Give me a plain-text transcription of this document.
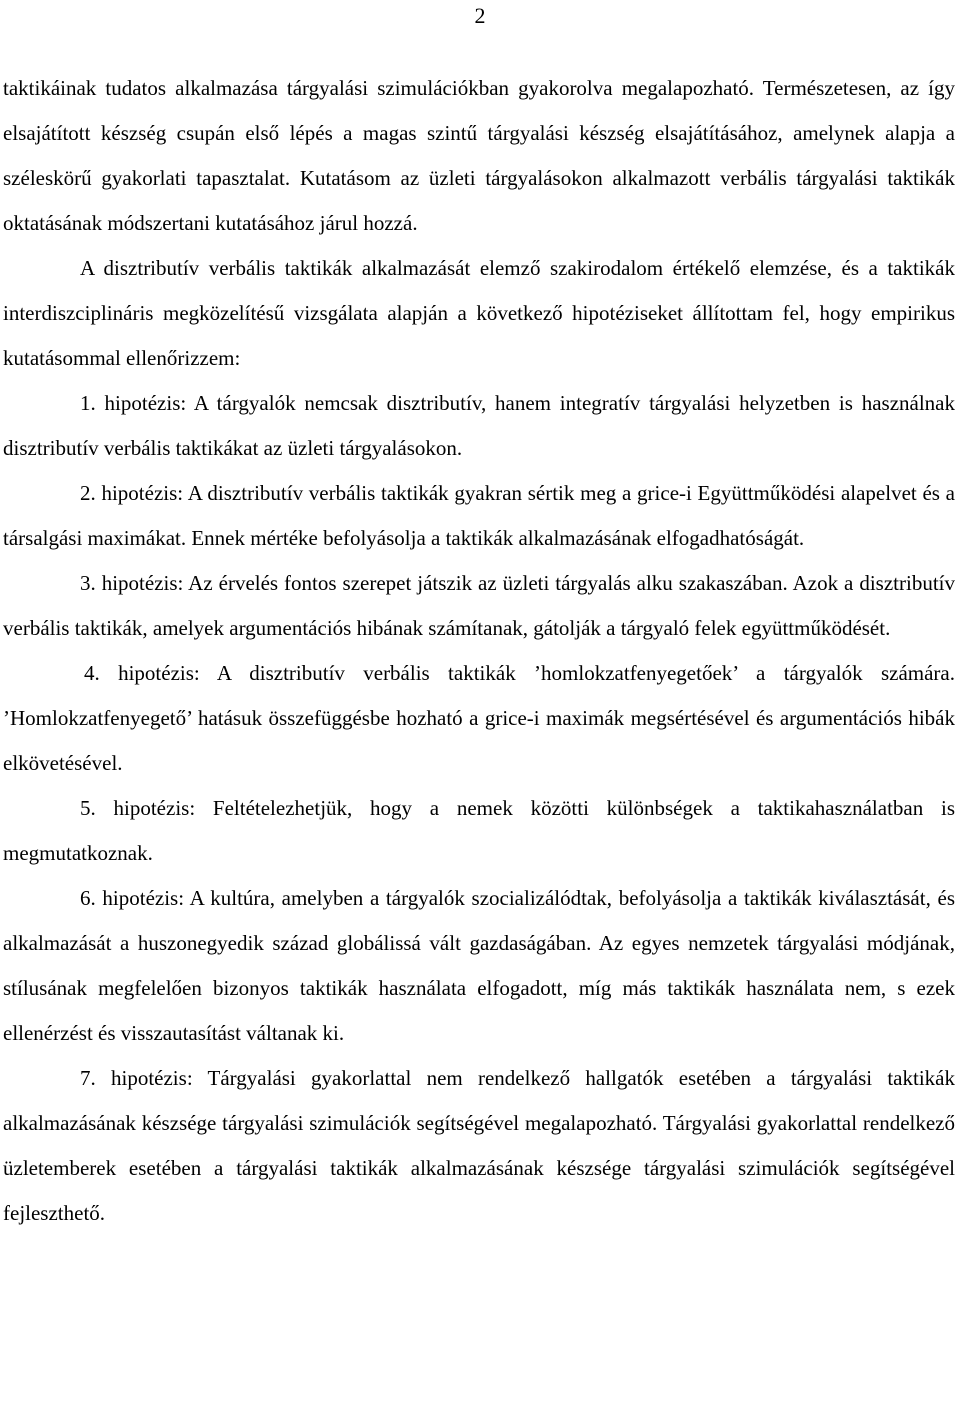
2

taktikáinak tudatos alkalmazása tárgyalási szimulációkban gyakorolva megalapozható. Természetesen, az így elsajátított készség csupán első lépés a magas szintű tárgyalási készség elsajátításához, amelynek alapja a széleskörű gyakorlati tapasztalat. Kutatásom az üzleti tárgyalásokon alkalmazott verbális tárgyalási taktikák oktatásának módszertani kutatásához járul hozzá.

A disztributív verbális taktikák alkalmazását elemző szakirodalom értékelő elemzése, és a taktikák interdiszciplináris megközelítésű vizsgálata alapján a következő hipotéziseket állítottam fel, hogy empirikus kutatásommal ellenőrizzem:

1. hipotézis: A tárgyalók nemcsak disztributív, hanem integratív tárgyalási helyzetben is használnak disztributív verbális taktikákat az üzleti tárgyalásokon.

2. hipotézis: A disztributív verbális taktikák gyakran sértik meg a grice-i Együttműködési alapelvet és a társalgási maximákat. Ennek mértéke befolyásolja a taktikák alkalmazásának elfogadhatóságát.

3. hipotézis: Az érvelés fontos szerepet játszik az üzleti tárgyalás alku szakaszában. Azok a disztributív verbális taktikák, amelyek argumentációs hibának számítanak, gátolják a tárgyaló felek együttműködését.

4. hipotézis: A disztributív verbális taktikák ’homlokzatfenyegetőek’ a tárgyalók számára. ’Homlokzatfenyegető’ hatásuk összefüggésbe hozható a grice-i maximák megsértésével és argumentációs hibák elkövetésével.

5. hipotézis: Feltételezhetjük, hogy a nemek közötti különbségek a taktikahasználatban is megmutatkoznak.

6. hipotézis: A kultúra, amelyben a tárgyalók szocializálódtak, befolyásolja a taktikák kiválasztását, és alkalmazását a huszonegyedik század globálissá vált gazdaságában. Az egyes nemzetek tárgyalási módjának, stílusának megfelelően bizonyos taktikák használata elfogadott, míg más taktikák használata nem, s ezek ellenérzést és visszautasítást váltanak ki.

7. hipotézis: Tárgyalási gyakorlattal nem rendelkező hallgatók esetében a tárgyalási taktikák alkalmazásának készsége tárgyalási szimulációk segítségével megalapozható. Tárgyalási gyakorlattal rendelkező üzletemberek esetében a tárgyalási taktikák alkalmazásának készsége tárgyalási szimulációk segítségével fejleszthető.
